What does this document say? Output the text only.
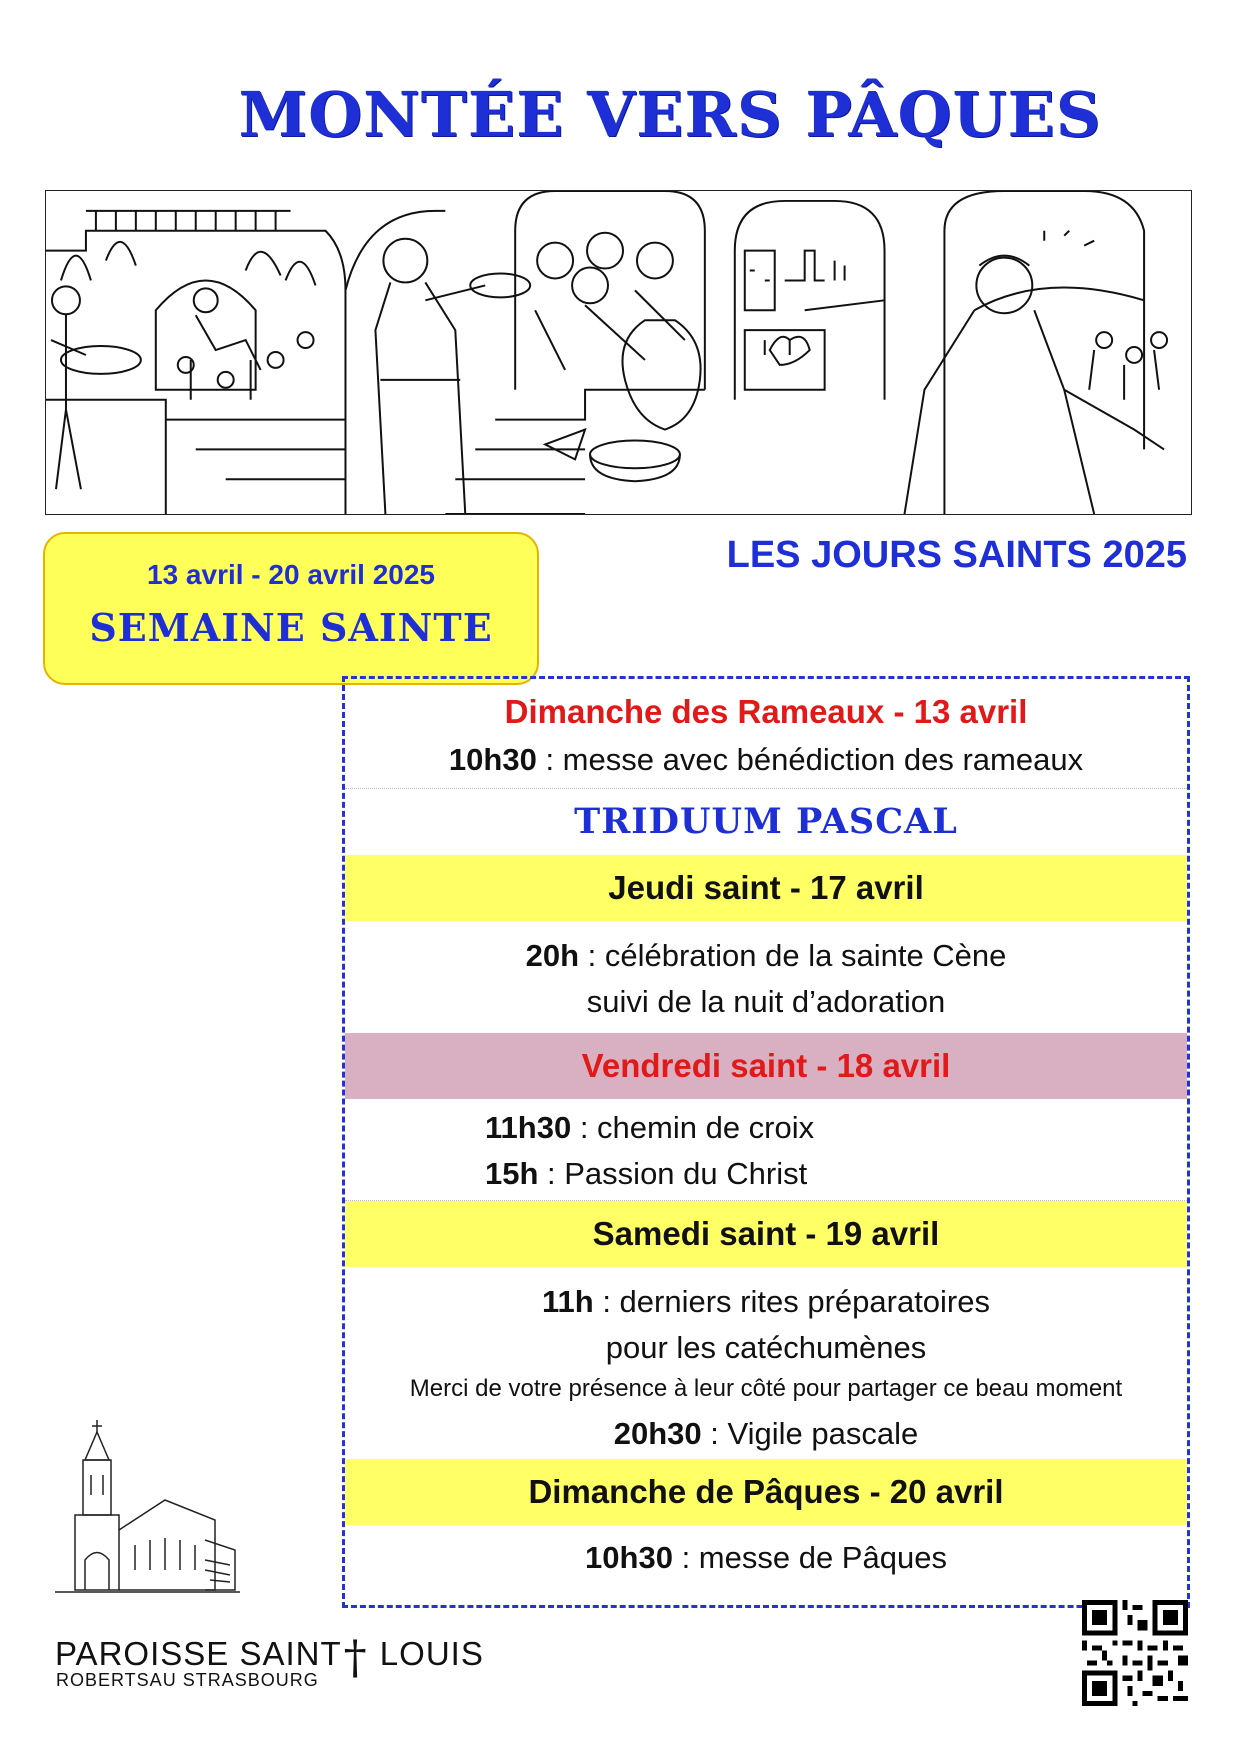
MONTÉE VERS PÂQUES
13 avril - 20 avril 2025
SEMAINE SAINTE
LES JOURS SAINTS 2025
Dimanche des Rameaux - 13 avril
10h30 : messe avec bénédiction des rameaux
TRIDUUM PASCAL
Jeudi saint - 17 avril
20h : célébration de la sainte Cène
suivi de la nuit d’adoration
Vendredi saint - 18 avril
11h30 : chemin de croix
15h : Passion du Christ
Samedi saint - 19 avril
11h : derniers rites préparatoires
pour les catéchumènes
Merci de votre présence à leur côté pour partager ce beau moment
20h30 : Vigile pascale
Dimanche de Pâques - 20 avril
10h30 : messe de Pâques
PAROISSE SAINT† LOUIS
ROBERTSAU STRASBOURG
